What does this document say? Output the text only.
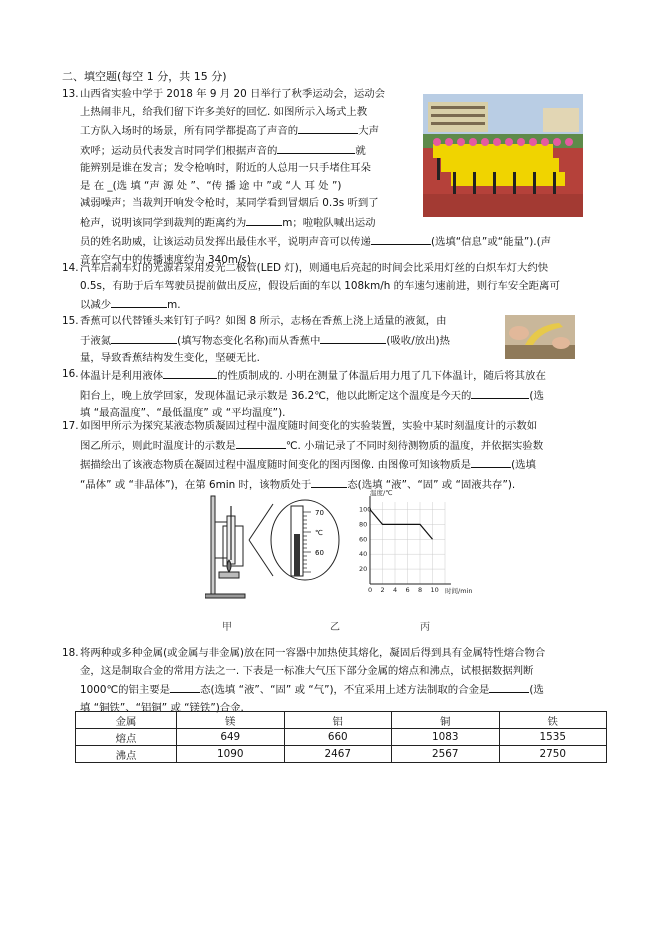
二、填空题(每空 1 分，共 15 分)
13. 山西省实验中学于 2018 年 9 月 20 日举行了秋季运动会，运动会
上热闹非凡，给我们留下许多美好的回忆. 如图所示入场式上教
工方队入场时的场景，所有同学都提高了声音的	大声
欢呼；运动员代表发言时同学们根据声音的	就
能辨别是谁在发言；发令枪响时，附近的人总用一只手堵住耳朵
是 在 _(选 填 “声 源 处 ”、“传 播 途 中 ”或 “人 耳 处 ”)
减弱噪声；当裁判开响发令枪时，某同学看到冒烟后 0.3s 听到了
枪声，说明该同学到裁判的距离约为	m；啦啦队喊出运动
员的姓名助威，让该运动员发挥出最佳水平，说明声音可以传递	(选填“信息”或“能量”).(声
音在空气中的传播速度约为 340m/s)
14. 汽车后刹车灯的光源若采用发光二极管(LED 灯)，则通电后亮起的时间会比采用灯丝的白炽车灯大约快
0.5s，有助于后车驾驶员提前做出反应，假设后面的车以 108km/h 的车速匀速前进，则行车安全距离可
以减少	m.
15. 香蕉可以代替锤头来钉钉子吗？如图 8 所示，志杨在香蕉上浇上适量的液氮，由
于液氮	(填写物态变化名称)而从香蕉中	(吸收/放出)热
量，导致香蕉结构发生变化，坚硬无比.
16. 体温计是利用液体	的性质制成的. 小明在测量了体温后用力甩了几下体温计，随后将其放在
阳台上，晚上放学回家，发现体温记录示数是 36.2℃，他以此断定这个温度是今天的	(选
填 “最高温度”、“最低温度” 或 “平均温度”).
17. 如图甲所示为探究某液态物质凝固过程中温度随时间变化的实验装置，实验中某时刻温度计的示数如
图乙所示，则此时温度计的示数是	℃. 小瑞记录了不同时刻待测物质的温度，并依据实验数
据描绘出了该液态物质在凝固过程中温度随时间变化的图丙图像. 由图像可知该物质是	(选填
“晶体” 或 “非晶体”)，在第 6min 时，该物质处于	态(选填 “液”、“固” 或 “固液共存”).
70
℃
60
温度/℃
时间/min
100
80
60
40
20
0 2 4 6 8 10
甲	乙	丙
18. 将两种或多种金属(或金属与非金属)放在同一容器中加热使其熔化，凝固后得到具有金属特性熔合物合
金，这是制取合金的常用方法之一. 下表是一标准大气压下部分金属的熔点和沸点，试根据数据判断
1000℃的铝主要是	态(选填 “液”、“固” 或 “气”)，不宜采用上述方法制取的合金是	(选
填 “铜铁”、“铝铜” 或 “镁铁”)合金.
金属	镁	铝	铜	铁
熔点	649	660	1083	1535
沸点	1090	2467	2567	2750
